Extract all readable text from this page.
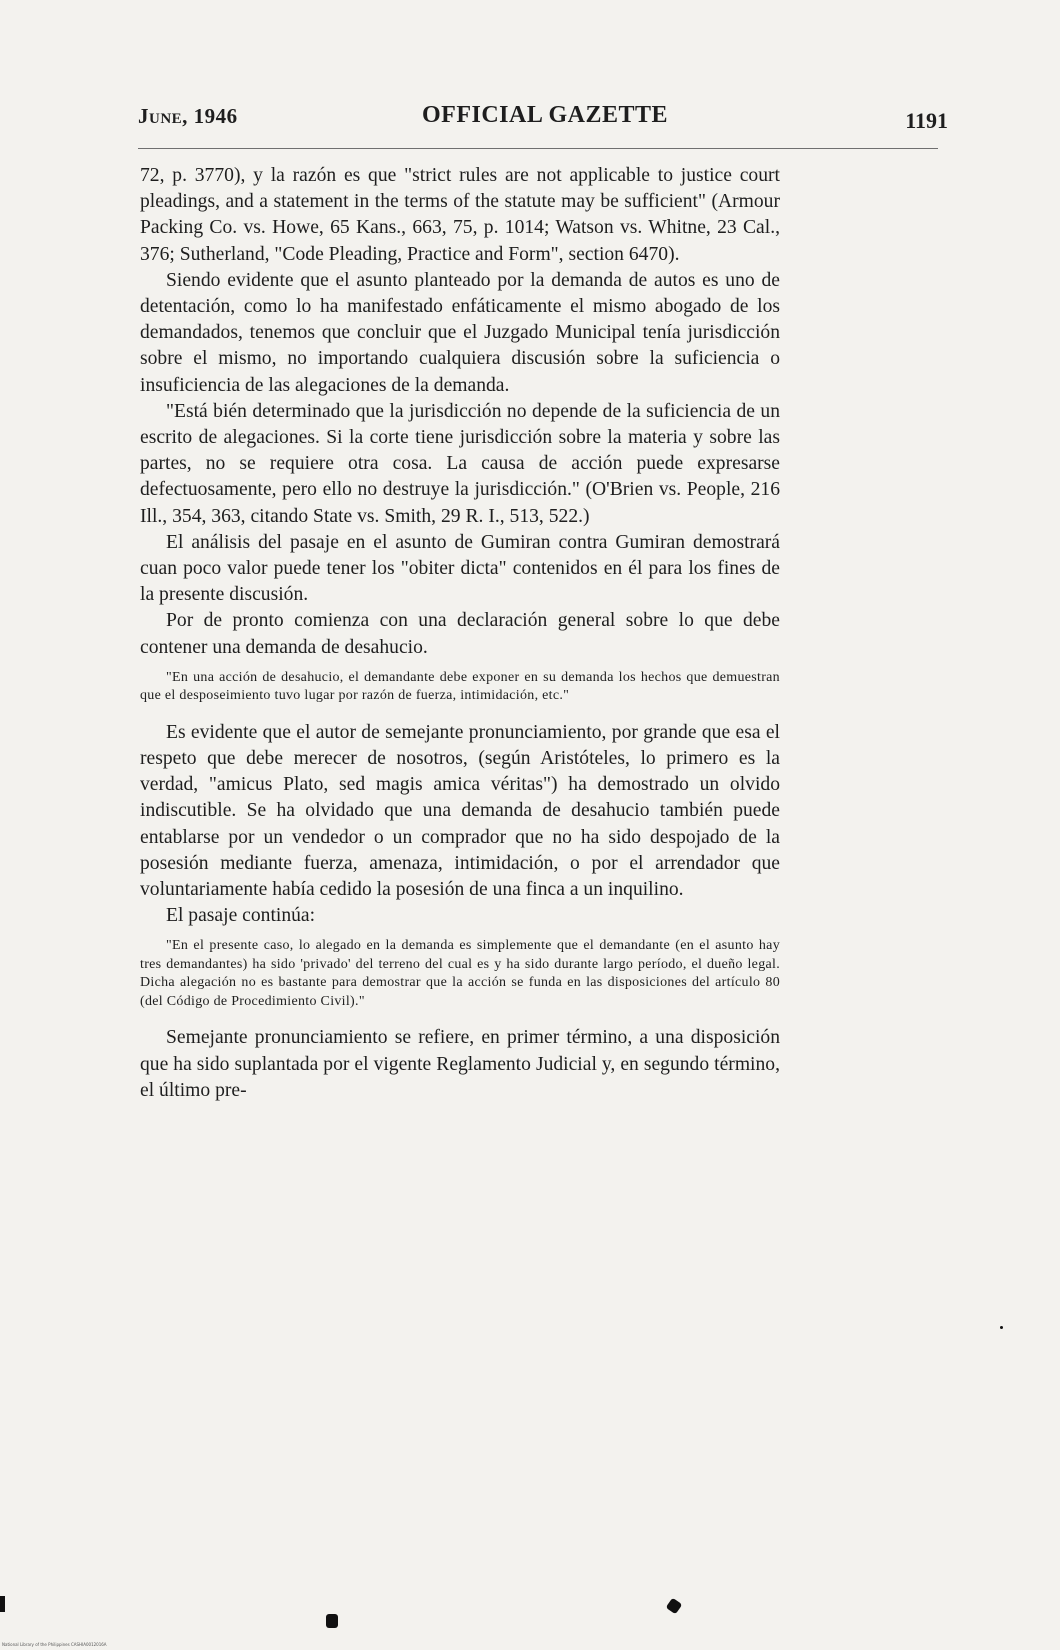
June, 1946	OFFICIAL GAZETTE	1191

72, p. 3770), y la razón es que "strict rules are not applicable to justice court pleadings, and a statement in the terms of the statute may be sufficient" (Armour Packing Co. vs. Howe, 65 Kans., 663, 75, p. 1014; Watson vs. Whitne, 23 Cal., 376; Sutherland, "Code Pleading, Practice and Form", section 6470).

Siendo evidente que el asunto planteado por la demanda de autos es uno de detentación, como lo ha manifestado enfáticamente el mismo abogado de los demandados, tenemos que concluir que el Juzgado Municipal tenía jurisdicción sobre el mismo, no importando cualquiera discusión sobre la suficiencia o insuficiencia de las alegaciones de la demanda.

"Está bién determinado que la jurisdicción no depende de la suficiencia de un escrito de alegaciones. Si la corte tiene jurisdicción sobre la materia y sobre las partes, no se requiere otra cosa. La causa de acción puede expresarse defectuosamente, pero ello no destruye la jurisdicción." (O'Brien vs. People, 216 Ill., 354, 363, citando State vs. Smith, 29 R. I., 513, 522.)

El análisis del pasaje en el asunto de Gumiran contra Gumiran demostrará cuan poco valor puede tener los "obiter dicta" contenidos en él para los fines de la presente discusión.

Por de pronto comienza con una declaración general sobre lo que debe contener una demanda de desahucio.

"En una acción de desahucio, el demandante debe exponer en su demanda los hechos que demuestran que el desposeimiento tuvo lugar por razón de fuerza, intimidación, etc."

Es evidente que el autor de semejante pronunciamiento, por grande que esa el respeto que debe merecer de nosotros, (según Aristóteles, lo primero es la verdad, "amicus Plato, sed magis amica véritas") ha demostrado un olvido indiscutible. Se ha olvidado que una demanda de desahucio también puede entablarse por un vendedor o un comprador que no ha sido despojado de la posesión mediante fuerza, amenaza, intimidación, o por el arrendador que voluntariamente había cedido la posesión de una finca a un inquilino.

El pasaje continúa:

"En el presente caso, lo alegado en la demanda es simplemente que el demandante (en el asunto hay tres demandantes) ha sido 'privado' del terreno del cual es y ha sido durante largo período, el dueño legal. Dicha alegación no es bastante para demostrar que la acción se funda en las disposiciones del artículo 80 (del Código de Procedimiento Civil)."

Semejante pronunciamiento se refiere, en primer término, a una disposición que ha sido suplantada por el vigente Reglamento Judicial y, en segundo término, el último pre-

National Library of the Philippines CASHIA0012016A
